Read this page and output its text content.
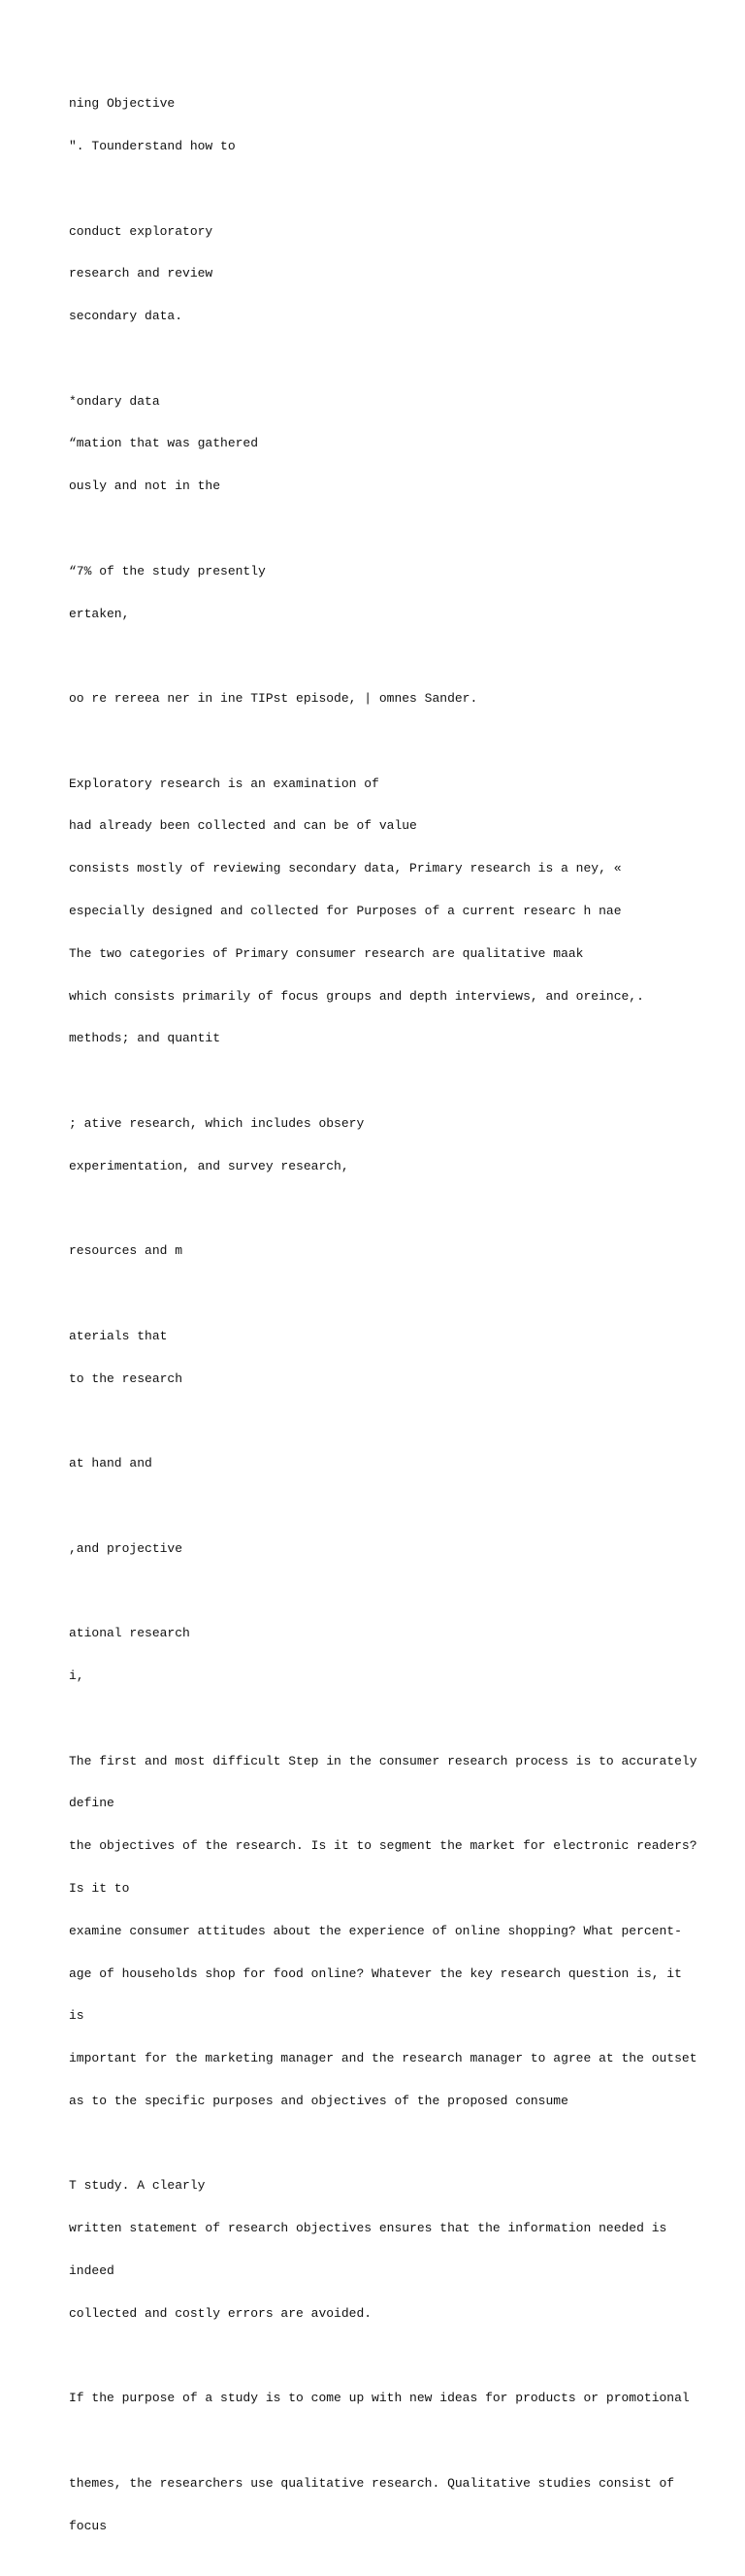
ning Objective

". Tounderstand how to

conduct exploratory

research and review

secondary data.

*ondary data

“mation that was gathered

ously and not in the

“7% of the study presently

ertaken,

oo re rereea ner in ine TIPst episode, | omnes Sander.

Exploratory research is an examination of

had already been collected and can be of value

consists mostly of reviewing secondary data, Primary research is a ney, «

especially designed and collected for Purposes of a current researc h nae

The two categories of Primary consumer research are qualitative maak

which consists primarily of focus groups and depth interviews, and oreince,.

methods; and quantit

; ative research, which includes obsery

experimentation, and survey research,

resources and m

aterials that

to the research

at hand and

,and projective

ational research

i,

The first and most difficult Step in the consumer research process is to accurately

define

the objectives of the research. Is it to segment the market for electronic readers?

Is it to

examine consumer attitudes about the experience of online shopping? What percent-

age of households shop for food online? Whatever the key research question is, it

is

important for the marketing manager and the research manager to agree at the outset

as to the specific purposes and objectives of the proposed consume

T study. A clearly

written statement of research objectives ensures that the information needed is

indeed

collected and costly errors are avoided.

If the purpose of a study is to come up with new ideas for products or promotional

themes, the researchers use qualitative research. Qualitative studies consist of

focus
